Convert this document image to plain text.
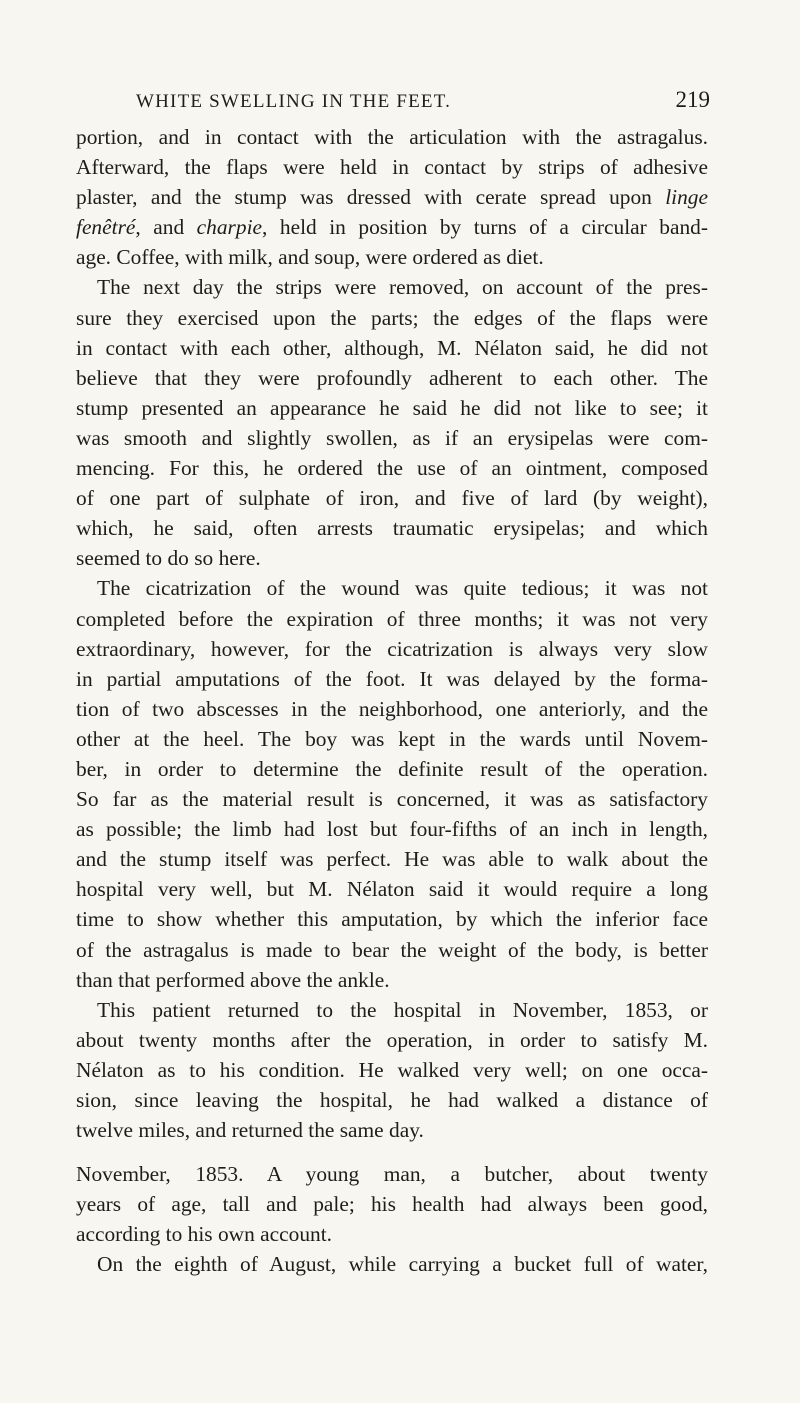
WHITE SWELLING IN THE FEET.	219
portion, and in contact with the articulation with the astragalus.
Afterward, the flaps were held in contact by strips of adhesive
plaster, and the stump was dressed with cerate spread upon linge
fenêtré, and charpie, held in position by turns of a circular band-
age. Coffee, with milk, and soup, were ordered as diet.
The next day the strips were removed, on account of the pres-
sure they exercised upon the parts; the edges of the flaps were
in contact with each other, although, M. Nélaton said, he did not
believe that they were profoundly adherent to each other. The
stump presented an appearance he said he did not like to see; it
was smooth and slightly swollen, as if an erysipelas were com-
mencing. For this, he ordered the use of an ointment, composed
of one part of sulphate of iron, and five of lard (by weight),
which, he said, often arrests traumatic erysipelas; and which
seemed to do so here.
The cicatrization of the wound was quite tedious; it was not
completed before the expiration of three months; it was not very
extraordinary, however, for the cicatrization is always very slow
in partial amputations of the foot. It was delayed by the forma-
tion of two abscesses in the neighborhood, one anteriorly, and the
other at the heel. The boy was kept in the wards until Novem-
ber, in order to determine the definite result of the operation.
So far as the material result is concerned, it was as satisfactory
as possible; the limb had lost but four-fifths of an inch in length,
and the stump itself was perfect. He was able to walk about the
hospital very well, but M. Nélaton said it would require a long
time to show whether this amputation, by which the inferior face
of the astragalus is made to bear the weight of the body, is better
than that performed above the ankle.
This patient returned to the hospital in November, 1853, or
about twenty months after the operation, in order to satisfy M.
Nélaton as to his condition. He walked very well; on one occa-
sion, since leaving the hospital, he had walked a distance of
twelve miles, and returned the same day.
November, 1853. A young man, a butcher, about twenty
years of age, tall and pale; his health had always been good,
according to his own account.
On the eighth of August, while carrying a bucket full of water,
